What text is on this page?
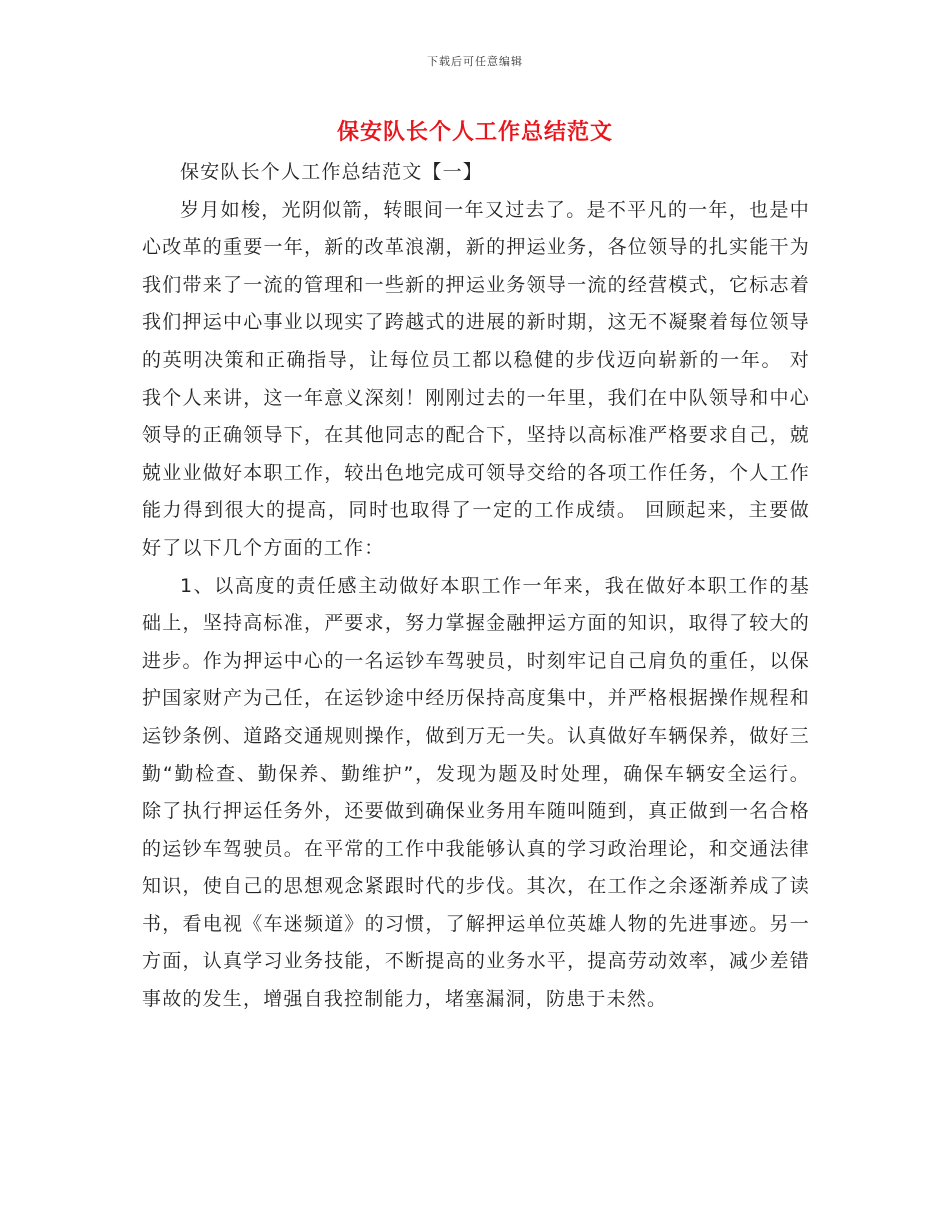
下载后可任意编辑
保安队长个人工作总结范文

保安队长个人工作总结范文【一】

岁月如梭，光阴似箭，转眼间一年又过去了。是不平凡的一年，也是中心改革的重要一年，新的改革浪潮，新的押运业务，各位领导的扎实能干为我们带来了一流的管理和一些新的押运业务领导一流的经营模式，它标志着我们押运中心事业以现实了跨越式的进展的新时期，这无不凝聚着每位领导的英明决策和正确指导，让每位员工都以稳健的步伐迈向崭新的一年。 对我个人来讲，这一年意义深刻！刚刚过去的一年里，我们在中队领导和中心领导的正确领导下，在其他同志的配合下，坚持以高标准严格要求自己，兢兢业业做好本职工作，较出色地完成可领导交给的各项工作任务，个人工作能力得到很大的提高，同时也取得了一定的工作成绩。 回顾起来，主要做好了以下几个方面的工作：

1、以高度的责任感主动做好本职工作一年来，我在做好本职工作的基础上，坚持高标准，严要求，努力掌握金融押运方面的知识，取得了较大的进步。作为押运中心的一名运钞车驾驶员，时刻牢记自己肩负的重任，以保护国家财产为己任，在运钞途中经历保持高度集中，并严格根据操作规程和运钞条例、道路交通规则操作，做到万无一失。认真做好车辆保养，做好三勤“勤检查、勤保养、勤维护”，发现为题及时处理，确保车辆安全运行。除了执行押运任务外，还要做到确保业务用车随叫随到，真正做到一名合格的运钞车驾驶员。在平常的工作中我能够认真的学习政治理论，和交通法律知识，使自己的思想观念紧跟时代的步伐。其次，在工作之余逐渐养成了读书，看电视《车迷频道》的习惯，了解押运单位英雄人物的先进事迹。另一方面，认真学习业务技能，不断提高的业务水平，提高劳动效率，减少差错事故的发生，增强自我控制能力，堵塞漏洞，防患于未然。
